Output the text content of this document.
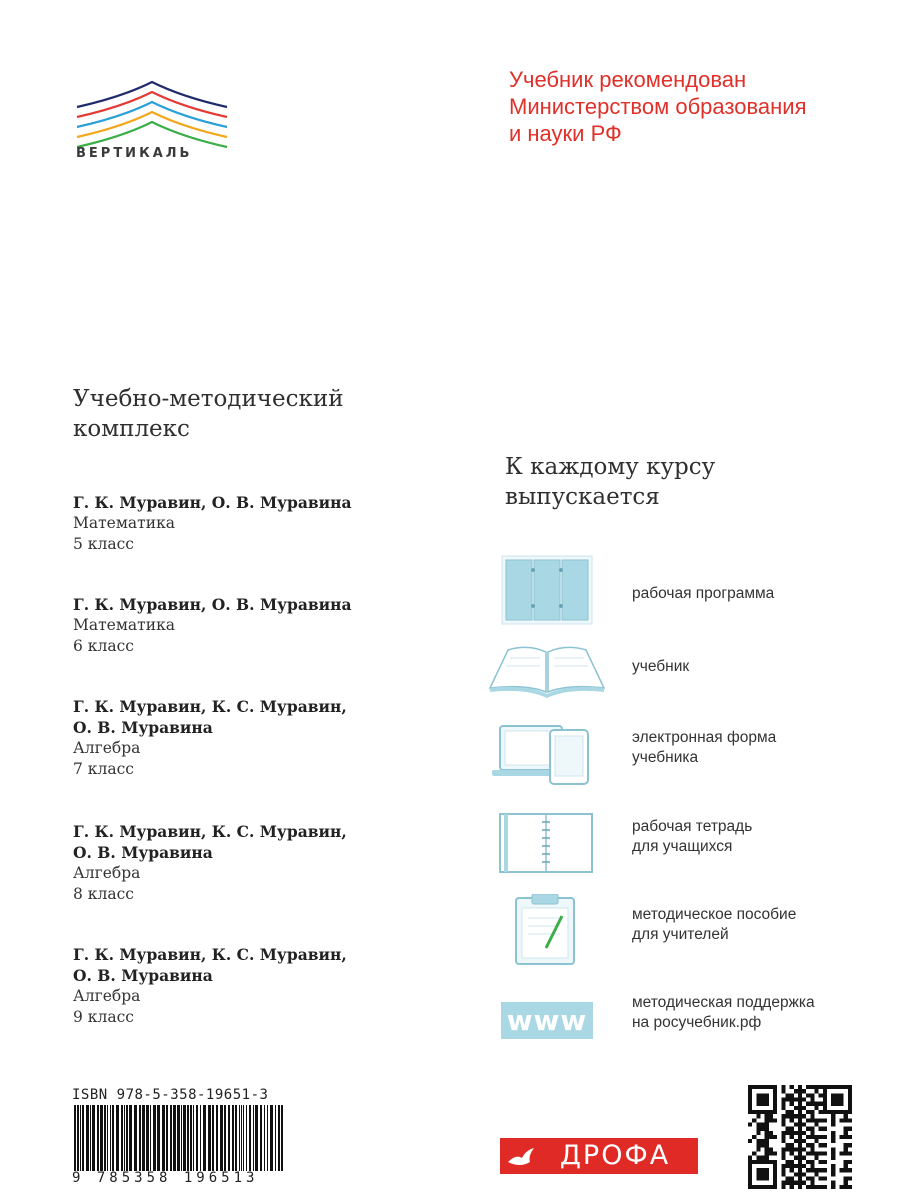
ВЕРТИКАЛЬ
Учебник рекомендован
Министерством образования
и науки РФ
Учебно-методический
комплекс
Г. К. Муравин, О. В. Муравина
Математика
5 класс
Г. К. Муравин, О. В. Муравина
Математика
6 класс
Г. К. Муравин, К. С. Муравин,
О. В. Муравина
Алгебра
7 класс
Г. К. Муравин, К. С. Муравин,
О. В. Муравина
Алгебра
8 класс
Г. К. Муравин, К. С. Муравин,
О. В. Муравина
Алгебра
9 класс
К каждому курсу
выпускается
рабочая программа
учебник
электронная форма
учебника
рабочая тетрадь
для учащихся
методическое пособие
для учителей
www
методическая поддержка
на росучебник.рф
ISBN 978-5-358-19651-3
9 785358 196513
ДРОФА
